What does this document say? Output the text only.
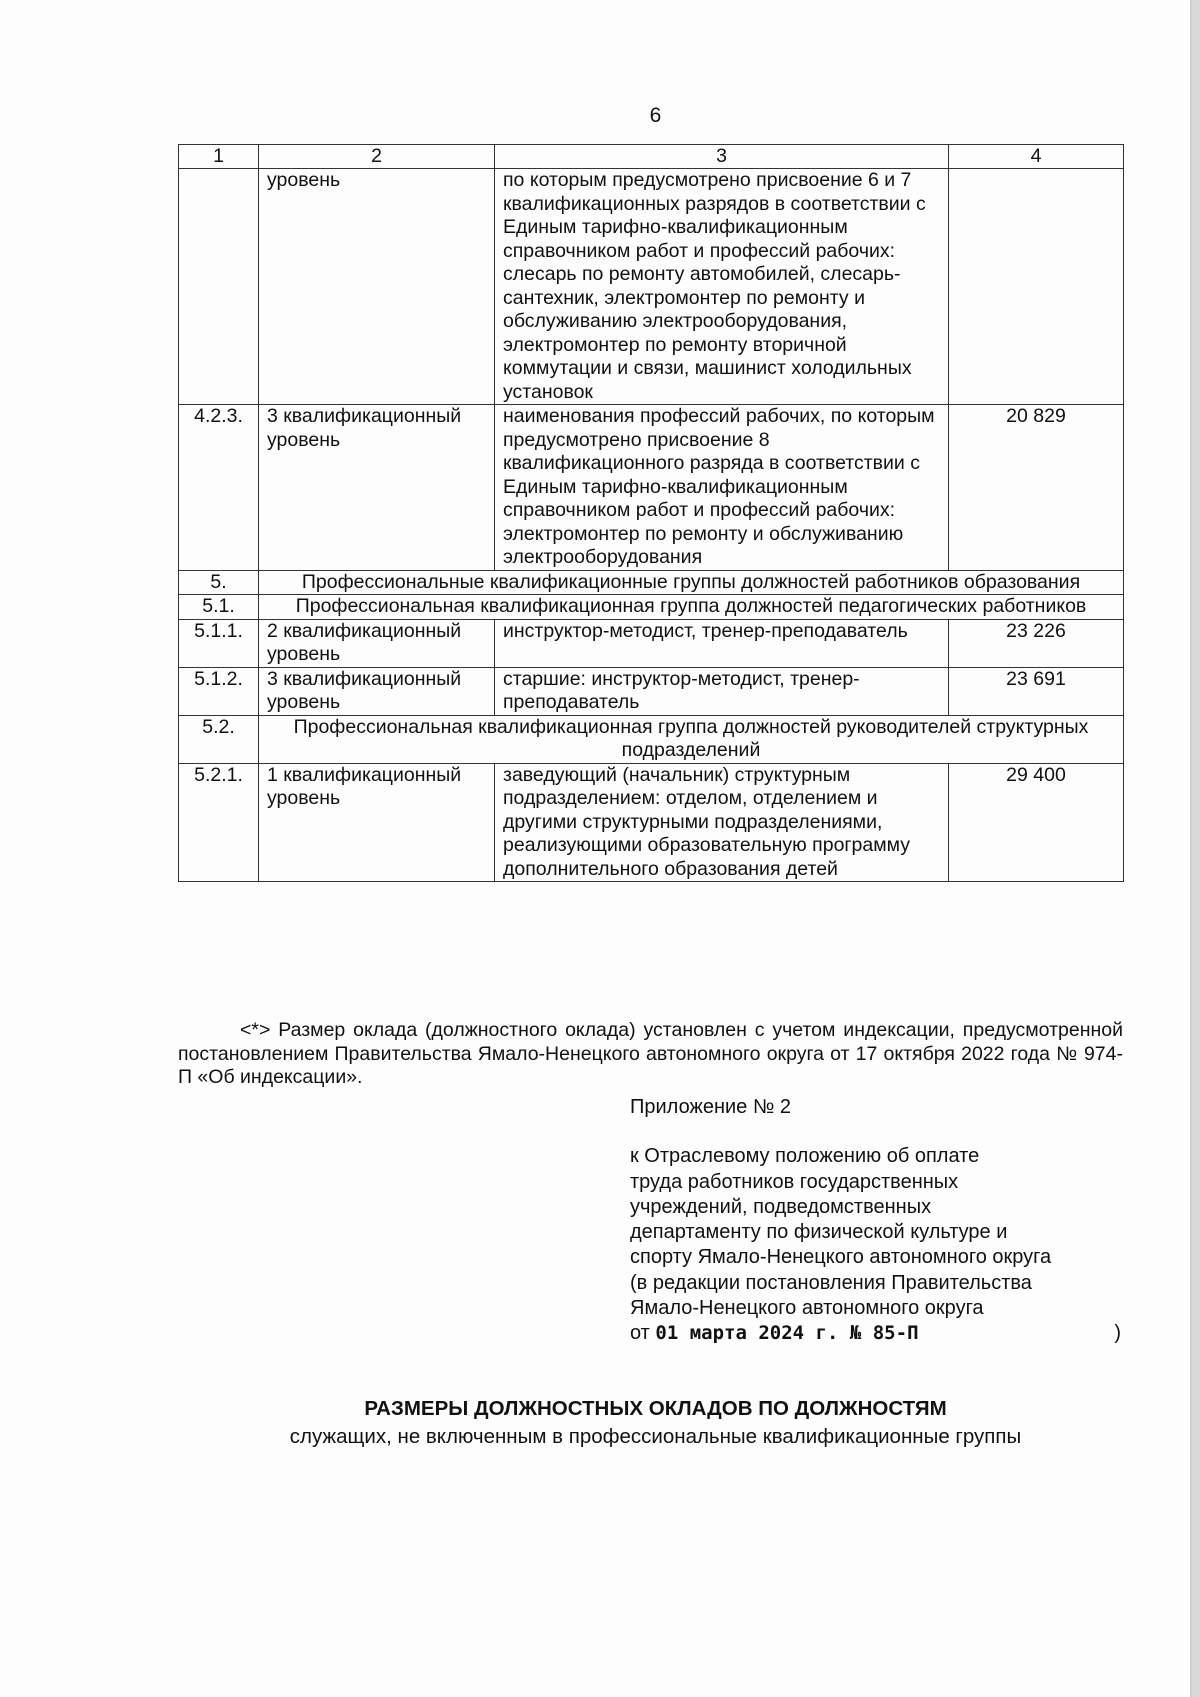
6
1	2	3	4
	уровень	по которым предусмотрено присвоение 6 и 7 квалификационных разрядов в соответствии с Единым тарифно-квалификационным справочником работ и профессий рабочих: слесарь по ремонту автомобилей, слесарь-сантехник, электромонтер по ремонту и обслуживанию электрооборудования, электромонтер по ремонту вторичной коммутации и связи, машинист холодильных установок	
4.2.3.	3 квалификационный уровень	наименования профессий рабочих, по которым предусмотрено присвоение 8 квалификационного разряда в соответствии с Единым тарифно-квалификационным справочником работ и профессий рабочих: электромонтер по ремонту и обслуживанию электрооборудования	20 829
5.	Профессиональные квалификационные группы должностей работников образования		
5.1.	Профессиональная квалификационная группа должностей педагогических работников		
5.1.1.	2 квалификационный уровень	инструктор-методист, тренер-преподаватель	23 226
5.1.2.	3 квалификационный уровень	старшие: инструктор-методист, тренер-преподаватель	23 691
5.2.	Профессиональная квалификационная группа должностей руководителей структурных подразделений		
5.2.1.	1 квалификационный уровень	заведующий (начальник) структурным подразделением: отделом, отделением и другими структурными подразделениями, реализующими образовательную программу дополнительного образования детей	29 400
<*> Размер оклада (должностного оклада) установлен с учетом индексации, предусмотренной постановлением Правительства Ямало-Ненецкого автономного округа от 17 октября 2022 года № 974-П «Об индексации».
Приложение № 2
к Отраслевому положению об оплате
труда работников государственных
учреждений, подведомственных
департаменту по физической культуре и
спорту Ямало-Ненецкого автономного округа
(в редакции постановления Правительства
Ямало-Ненецкого автономного округа
от 01 марта 2024 г. № 85-П	)
РАЗМЕРЫ ДОЛЖНОСТНЫХ ОКЛАДОВ ПО ДОЛЖНОСТЯМ
служащих, не включенным в профессиональные квалификационные группы
